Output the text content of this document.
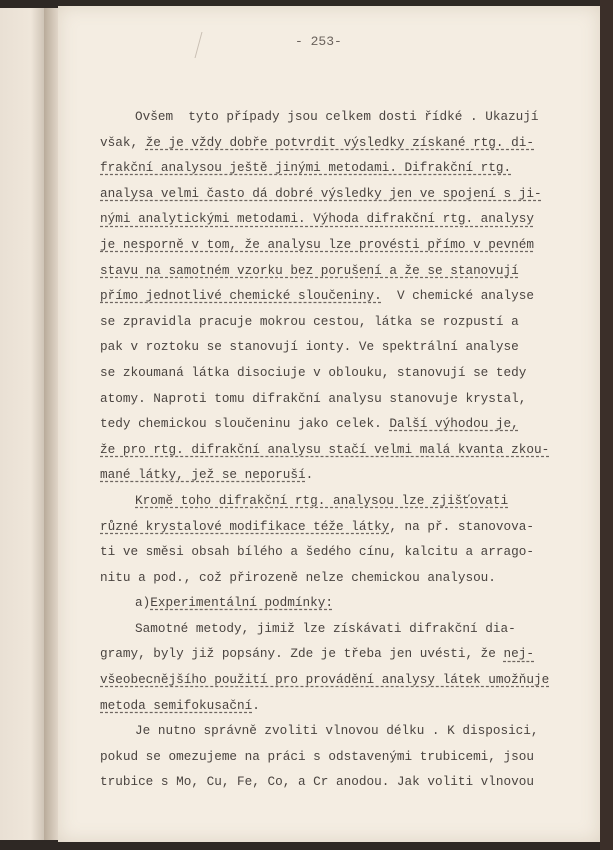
- 253-
Ovšem  tyto případy jsou celkem dosti řídké . Ukazují
však, že je vždy dobře potvrdit výsledky získané rtg. di-
frakční analysou ještě jinými metodami. Difrakční rtg.
analysa velmi často dá dobré výsledky jen ve spojení s ji-
nými analytickými metodami. Výhoda difrakční rtg. analysy
je nesporně v tom, že analysu lze provésti přímo v pevném
stavu na samotném vzorku bez porušení a že se stanovují
přímo jednotlivé chemické sloučeniny.  V chemické analyse
se zpravidla pracuje mokrou cestou, látka se rozpustí a
pak v roztoku se stanovují ionty. Ve spektrální analyse
se zkoumaná látka disociuje v oblouku, stanovují se tedy
atomy. Naproti tomu difrakční analysu stanovuje krystal,
tedy chemickou sloučeninu jako celek. Další výhodou je,
že pro rtg. difrakční analysu stačí velmi malá kvanta zkou-
mané látky, jež se neporuší.
Kromě toho difrakční rtg. analysou lze zjišťovati
různé krystalové modifikace téže látky, na př. stanovova-
ti ve směsi obsah bílého a šedého cínu, kalcitu a arrago-
nitu a pod., což přirozeně nelze chemickou analysou.
a)Experimentální podmínky:
Samotné metody, jimiž lze získávati difrakční dia-
gramy, byly již popsány. Zde je třeba jen uvésti, že nej-
všeobecnějšího použití pro provádění analysy látek umožňuje
metoda semifokusační.
Je nutno správně zvoliti vlnovou délku . K disposici,
pokud se omezujeme na práci s odstavenými trubicemi, jsou
trubice s Mo, Cu, Fe, Co, a Cr anodou. Jak voliti vlnovou
